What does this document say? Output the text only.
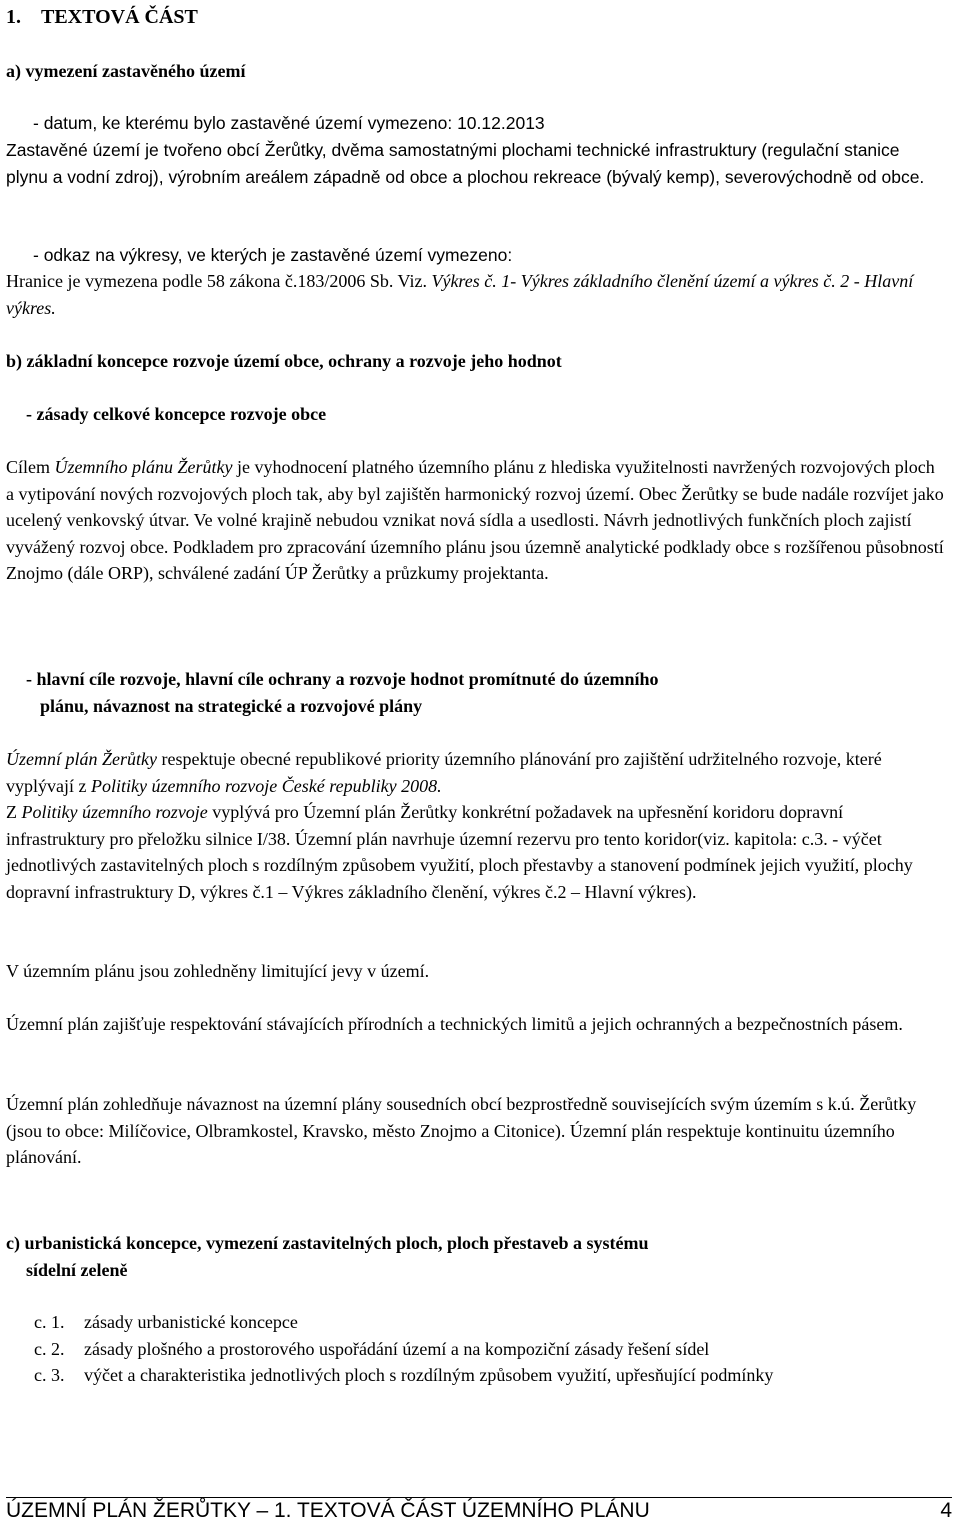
1. TEXTOVÁ ČÁST
a) vymezení zastavěného území
- datum, ke kterému bylo zastavěné území vymezeno: 10.12.2013
Zastavěné území je tvořeno obcí Žerůtky, dvěma samostatnými plochami technické infrastruktury (regulační stanice plynu a vodní zdroj), výrobním areálem západně od obce a plochou rekreace (bývalý kemp), severovýchodně od obce.
- odkaz na výkresy, ve kterých je zastavěné území vymezeno:
Hranice je vymezena podle 58 zákona č.183/2006 Sb. Viz. Výkres č. 1- Výkres základního členění území a výkres č. 2 - Hlavní výkres.
b) základní koncepce rozvoje území obce, ochrany a rozvoje jeho hodnot
- zásady celkové koncepce rozvoje obce
Cílem Územního plánu Žerůtky je vyhodnocení platného územního plánu z hlediska využitelnosti navržených rozvojových ploch a vytipování nových rozvojových ploch tak, aby byl zajištěn harmonický rozvoj území. Obec Žerůtky se bude nadále rozvíjet jako ucelený venkovský útvar. Ve volné krajině nebudou vznikat nová sídla a usedlosti. Návrh jednotlivých funkčních ploch zajistí vyvážený rozvoj obce. Podkladem pro zpracování územního plánu jsou územně analytické podklady obce s rozšířenou působností Znojmo (dále ORP), schválené zadání ÚP Žerůtky a průzkumy projektanta.
- hlavní cíle rozvoje, hlavní cíle ochrany a rozvoje hodnot promítnuté do územního
plánu, návaznost na strategické a rozvojové plány
Územní plán Žerůtky respektuje obecné republikové priority územního plánování pro zajištění udržitelného rozvoje, které vyplývají z Politiky územního rozvoje České republiky 2008.
Z Politiky územního rozvoje vyplývá pro Územní plán Žerůtky konkrétní požadavek na upřesnění koridoru dopravní infrastruktury pro přeložku silnice I/38. Územní plán navrhuje územní rezervu pro tento koridor(viz. kapitola: c.3. - výčet jednotlivých zastavitelných ploch s rozdílným způsobem využití, ploch přestavby a stanovení podmínek jejich využití, plochy dopravní infrastruktury D, výkres č.1 – Výkres základního členění, výkres č.2 – Hlavní výkres).
V územním plánu jsou zohledněny limitující jevy v území.
Územní plán zajišťuje respektování stávajících přírodních a technických limitů a jejich ochranných a bezpečnostních pásem.
Územní plán zohledňuje návaznost na územní plány sousedních obcí bezprostředně souvisejících svým územím s k.ú. Žerůtky (jsou to obce: Milíčovice, Olbramkostel, Kravsko, město Znojmo a Citonice). Územní plán respektuje kontinuitu územního plánování.
c) urbanistická koncepce, vymezení zastavitelných ploch, ploch přestaveb a systému
sídelní zeleně
c. 1. zásady urbanistické koncepce
c. 2. zásady plošného a prostorového uspořádání území a na kompoziční zásady řešení sídel
c. 3. výčet a charakteristika jednotlivých ploch s rozdílným způsobem využití, upřesňující podmínky
ÚZEMNÍ PLÁN ŽERŮTKY – 1. TEXTOVÁ ČÁST ÚZEMNÍHO PLÁNU	4
